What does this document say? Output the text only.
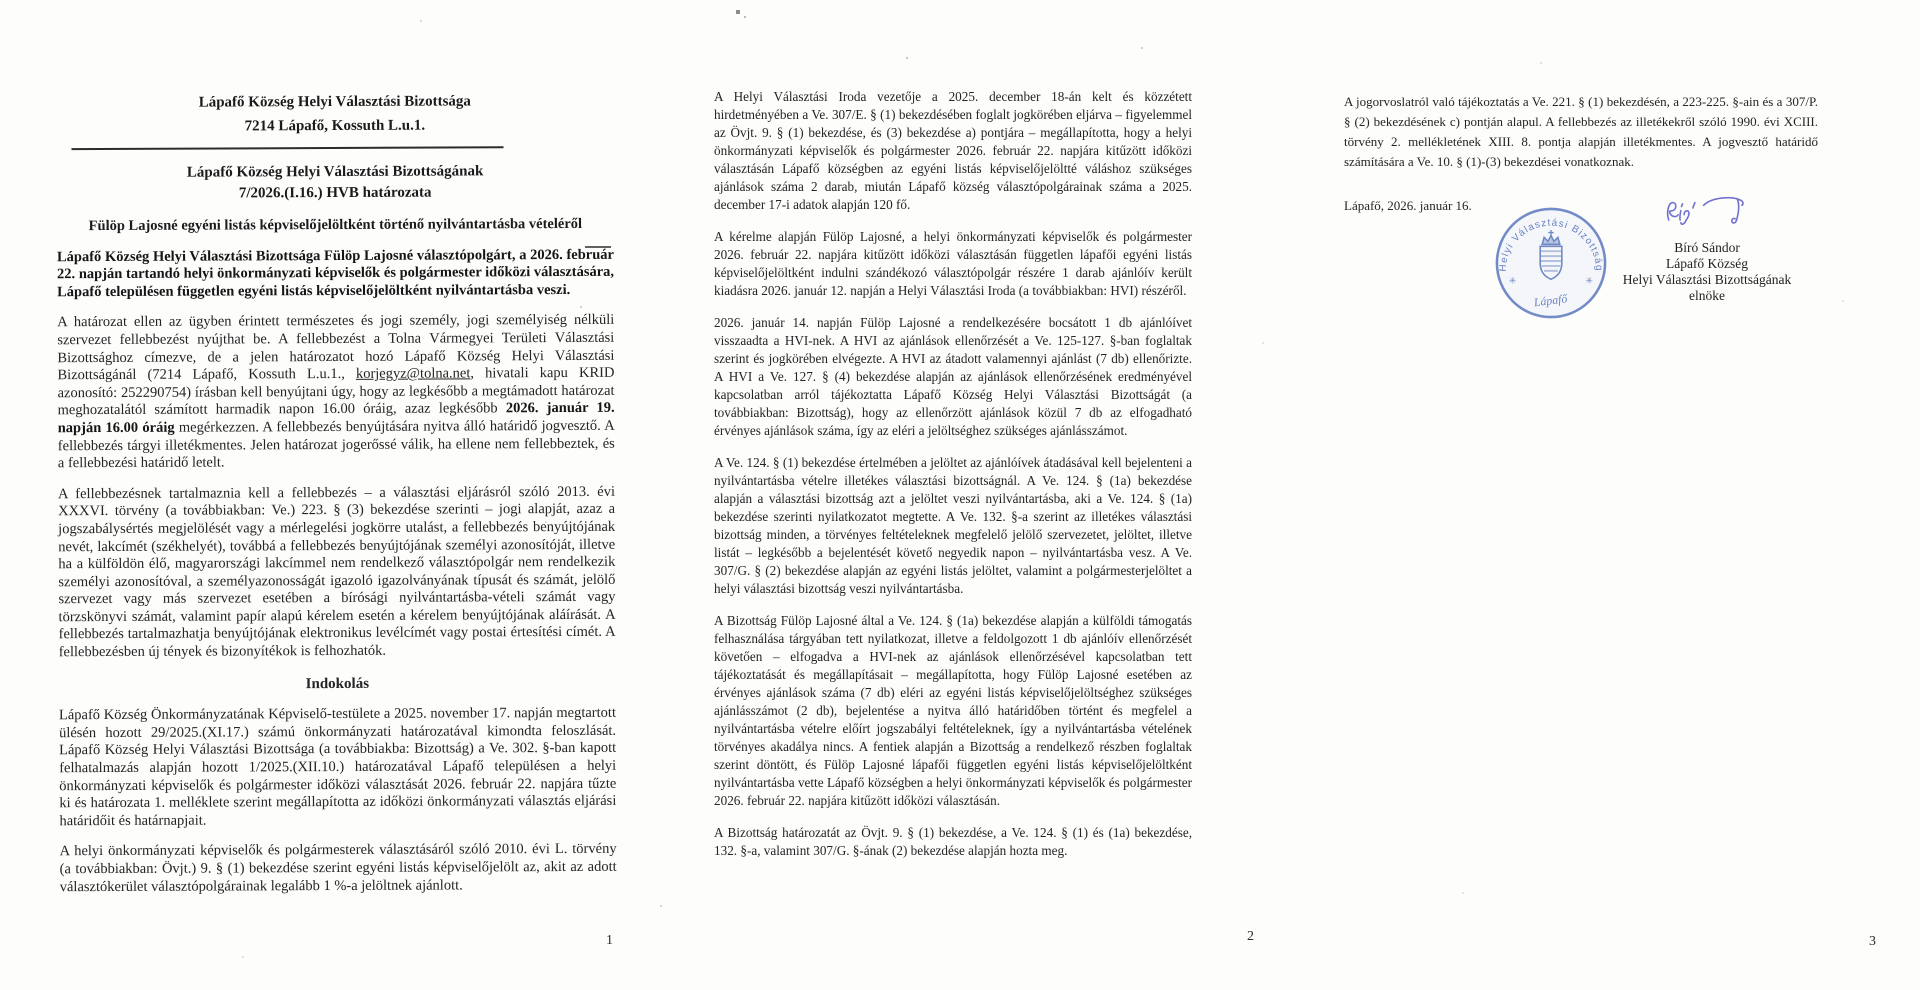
Lápafő Község Helyi Választási Bizottsága
7214 Lápafő, Kossuth L.u.1.
Lápafő Község Helyi Választási Bizottságának
7/2026.(I.16.) HVB határozata
Fülöp Lajosné egyéni listás képviselőjelöltként történő nyilvántartásba vételéről

Lápafő Község Helyi Választási Bizottsága Fülöp Lajosné választópolgárt, a 2026. február 22. napján tartandó helyi önkormányzati képviselők és polgármester időközi választására, Lápafő településen független egyéni listás képviselőjelöltként nyilvántartásba veszi.

A határozat ellen az ügyben érintett természetes és jogi személy, jogi személyiség nélküli szervezet fellebbezést nyújthat be. A fellebbezést a Tolna Vármegyei Területi Választási Bizottsághoz címezve, de a jelen határozatot hozó Lápafő Község Helyi Választási Bizottságánál (7214 Lápafő, Kossuth L.u.1., korjegyz@tolna.net, hivatali kapu KRID azonosító: 252290754) írásban kell benyújtani úgy, hogy az legkésőbb a megtámadott határozat meghozatalától számított harmadik napon 16.00 óráig, azaz legkésőbb 2026. január 19. napján 16.00 óráig megérkezzen. A fellebbezés benyújtására nyitva álló határidő jogvesztő. A fellebbezés tárgyi illetékmentes. Jelen határozat jogerőssé válik, ha ellene nem fellebbeztek, és a fellebbezési határidő letelt.

A fellebbezésnek tartalmaznia kell a fellebbezés – a választási eljárásról szóló 2013. évi XXXVI. törvény (a továbbiakban: Ve.) 223. § (3) bekezdése szerinti – jogi alapját, azaz a jogszabálysértés megjelölését vagy a mérlegelési jogkörre utalást, a fellebbezés benyújtójának nevét, lakcímét (székhelyét), továbbá a fellebbezés benyújtójának személyi azonosítóját, illetve ha a külföldön élő, magyarországi lakcímmel nem rendelkező választópolgár nem rendelkezik személyi azonosítóval, a személyazonosságát igazoló igazolványának típusát és számát, jelölő szervezet vagy más szervezet esetében a bírósági nyilvántartásba-vételi számát vagy törzskönyvi számát, valamint papír alapú kérelem esetén a kérelem benyújtójának aláírását. A fellebbezés tartalmazhatja benyújtójának elektronikus levélcímét vagy postai értesítési címét. A fellebbezésben új tények és bizonyítékok is felhozhatók.

Indokolás

Lápafő Község Önkormányzatának Képviselő-testülete a 2025. november 17. napján megtartott ülésén hozott 29/2025.(XI.17.) számú önkormányzati határozatával kimondta feloszlását. Lápafő Község Helyi Választási Bizottsága (a továbbiakba: Bizottság) a Ve. 302. §-ban kapott felhatalmazás alapján hozott 1/2025.(XII.10.) határozatával Lápafő településen a helyi önkormányzati képviselők és polgármester időközi választását 2026. február 22. napjára tűzte ki és határozata 1. melléklete szerint megállapította az időközi önkormányzati választás eljárási határidőit és határnapjait.

A helyi önkormányzati képviselők és polgármesterek választásáról szóló 2010. évi L. törvény (a továbbiakban: Övjt.) 9. § (1) bekezdése szerint egyéni listás képviselőjelölt az, akit az adott választókerület választópolgárainak legalább 1 %-a jelöltnek ajánlott.

A Helyi Választási Iroda vezetője a 2025. december 18-án kelt és közzétett hirdetményében a Ve. 307/E. § (1) bekezdésében foglalt jogkörében eljárva – figyelemmel az Övjt. 9. § (1) bekezdése, és (3) bekezdése a) pontjára – megállapította, hogy a helyi önkormányzati képviselők és polgármester 2026. február 22. napjára kitűzött időközi választásán Lápafő községben az egyéni listás képviselőjelöltté váláshoz szükséges ajánlások száma 2 darab, miután Lápafő község választópolgárainak száma a 2025. december 17-i adatok alapján 120 fő.

A kérelme alapján Fülöp Lajosné, a helyi önkormányzati képviselők és polgármester 2026. február 22. napjára kitűzött időközi választásán független lápafői egyéni listás képviselőjelöltként indulni szándékozó választópolgár részére 1 darab ajánlóív került kiadásra 2026. január 12. napján a Helyi Választási Iroda (a továbbiakban: HVI) részéről.

2026. január 14. napján Fülöp Lajosné a rendelkezésére bocsátott 1 db ajánlóívet visszaadta a HVI-nek. A HVI az ajánlások ellenőrzését a Ve. 125-127. §-ban foglaltak szerint és jogkörében elvégezte. A HVI az átadott valamennyi ajánlást (7 db) ellenőrizte. A HVI a Ve. 127. § (4) bekezdése alapján az ajánlások ellenőrzésének eredményével kapcsolatban arról tájékoztatta Lápafő Község Helyi Választási Bizottságát (a továbbiakban: Bizottság), hogy az ellenőrzött ajánlások közül 7 db az elfogadható érvényes ajánlások száma, így az eléri a jelöltséghez szükséges ajánlásszámot.

A Ve. 124. § (1) bekezdése értelmében a jelöltet az ajánlóívek átadásával kell bejelenteni a nyilvántartásba vételre illetékes választási bizottságnál. A Ve. 124. § (1a) bekezdése alapján a választási bizottság azt a jelöltet veszi nyilvántartásba, aki a Ve. 124. § (1a) bekezdése szerinti nyilatkozatot megtette. A Ve. 132. §-a szerint az illetékes választási bizottság minden, a törvényes feltételeknek megfelelő jelölő szervezetet, jelöltet, illetve listát – legkésőbb a bejelentését követő negyedik napon – nyilvántartásba vesz. A Ve. 307/G. § (2) bekezdése alapján az egyéni listás jelöltet, valamint a polgármesterjelöltet a helyi választási bizottság veszi nyilvántartásba.

A Bizottság Fülöp Lajosné által a Ve. 124. § (1a) bekezdése alapján a külföldi támogatás felhasználása tárgyában tett nyilatkozat, illetve a feldolgozott 1 db ajánlóív ellenőrzését követően – elfogadva a HVI-nek az ajánlások ellenőrzésével kapcsolatban tett tájékoztatását és megállapításait – megállapította, hogy Fülöp Lajosné esetében az érvényes ajánlások száma (7 db) eléri az egyéni listás képviselőjelöltséghez szükséges ajánlásszámot (2 db), bejelentése a nyitva álló határidőben történt és megfelel a nyilvántartásba vételre előírt jogszabályi feltételeknek, így a nyilvántartásba vételének törvényes akadálya nincs. A fentiek alapján a Bizottság a rendelkező részben foglaltak szerint döntött, és Fülöp Lajosné lápafői független egyéni listás képviselőjelöltként nyilvántartásba vette Lápafő községben a helyi önkormányzati képviselők és polgármester 2026. február 22. napjára kitűzött időközi választásán.

A Bizottság határozatát az Övjt. 9. § (1) bekezdése, a Ve. 124. § (1) és (1a) bekezdése, 132. §-a, valamint 307/G. §-ának (2) bekezdése alapján hozta meg.

A jogorvoslatról való tájékoztatás a Ve. 221. § (1) bekezdésén, a 223-225. §-ain és a 307/P. § (2) bekezdésének c) pontján alapul. A fellebbezés az illetékekről szóló 1990. évi XCIII. törvény 2. mellékletének XIII. 8. pontja alapján illetékmentes. A jogvesztő határidő számítására a Ve. 10. § (1)-(3) bekezdései vonatkoznak.

Lápafő, 2026. január 16.
Helyi Választási Bizottság
✳	✳
Lápafő
Bíró Sándor
Lápafő Község
Helyi Választási Bizottságának
elnöke
1	2	3
